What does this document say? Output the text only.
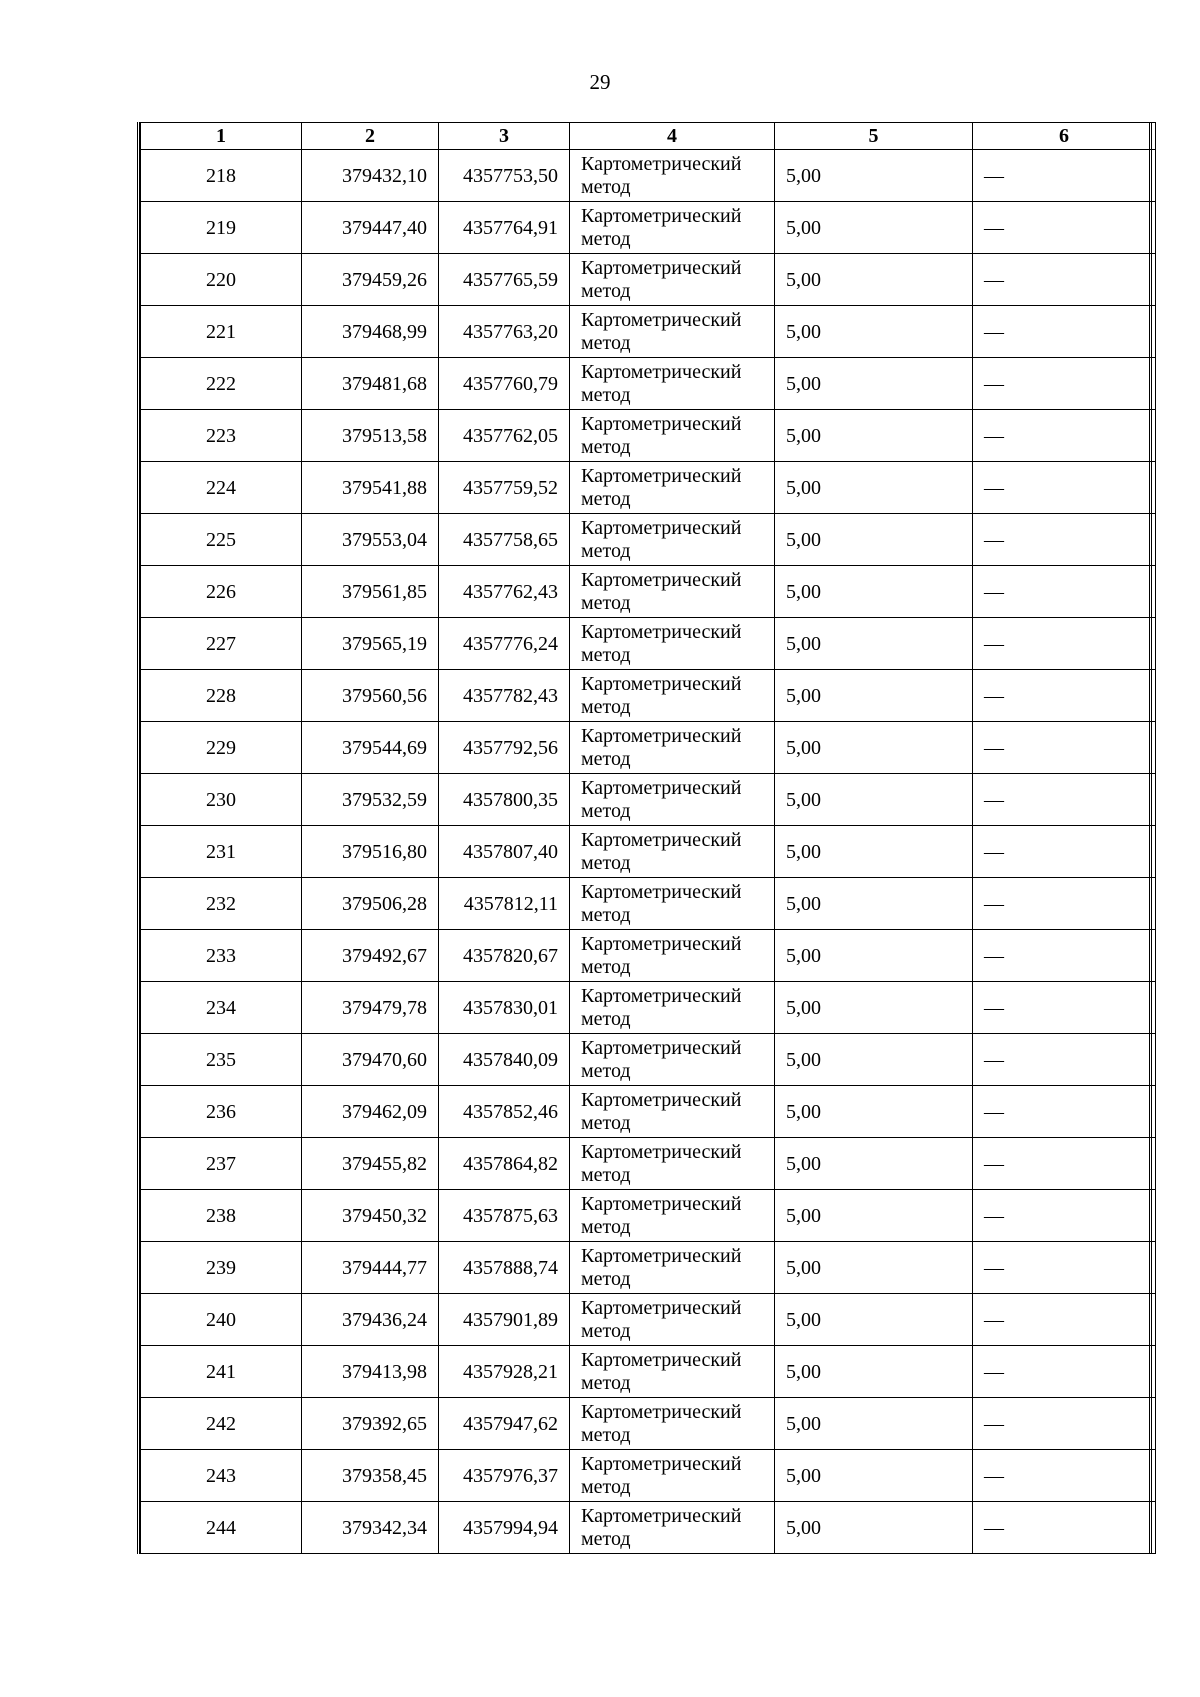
29
1	2	3	4	5	6
218	379432,10	4357753,50	Картометрический метод	5,00	—
219	379447,40	4357764,91	Картометрический метод	5,00	—
220	379459,26	4357765,59	Картометрический метод	5,00	—
221	379468,99	4357763,20	Картометрический метод	5,00	—
222	379481,68	4357760,79	Картометрический метод	5,00	—
223	379513,58	4357762,05	Картометрический метод	5,00	—
224	379541,88	4357759,52	Картометрический метод	5,00	—
225	379553,04	4357758,65	Картометрический метод	5,00	—
226	379561,85	4357762,43	Картометрический метод	5,00	—
227	379565,19	4357776,24	Картометрический метод	5,00	—
228	379560,56	4357782,43	Картометрический метод	5,00	—
229	379544,69	4357792,56	Картометрический метод	5,00	—
230	379532,59	4357800,35	Картометрический метод	5,00	—
231	379516,80	4357807,40	Картометрический метод	5,00	—
232	379506,28	4357812,11	Картометрический метод	5,00	—
233	379492,67	4357820,67	Картометрический метод	5,00	—
234	379479,78	4357830,01	Картометрический метод	5,00	—
235	379470,60	4357840,09	Картометрический метод	5,00	—
236	379462,09	4357852,46	Картометрический метод	5,00	—
237	379455,82	4357864,82	Картометрический метод	5,00	—
238	379450,32	4357875,63	Картометрический метод	5,00	—
239	379444,77	4357888,74	Картометрический метод	5,00	—
240	379436,24	4357901,89	Картометрический метод	5,00	—
241	379413,98	4357928,21	Картометрический метод	5,00	—
242	379392,65	4357947,62	Картометрический метод	5,00	—
243	379358,45	4357976,37	Картометрический метод	5,00	—
244	379342,34	4357994,94	Картометрический метод	5,00	—
